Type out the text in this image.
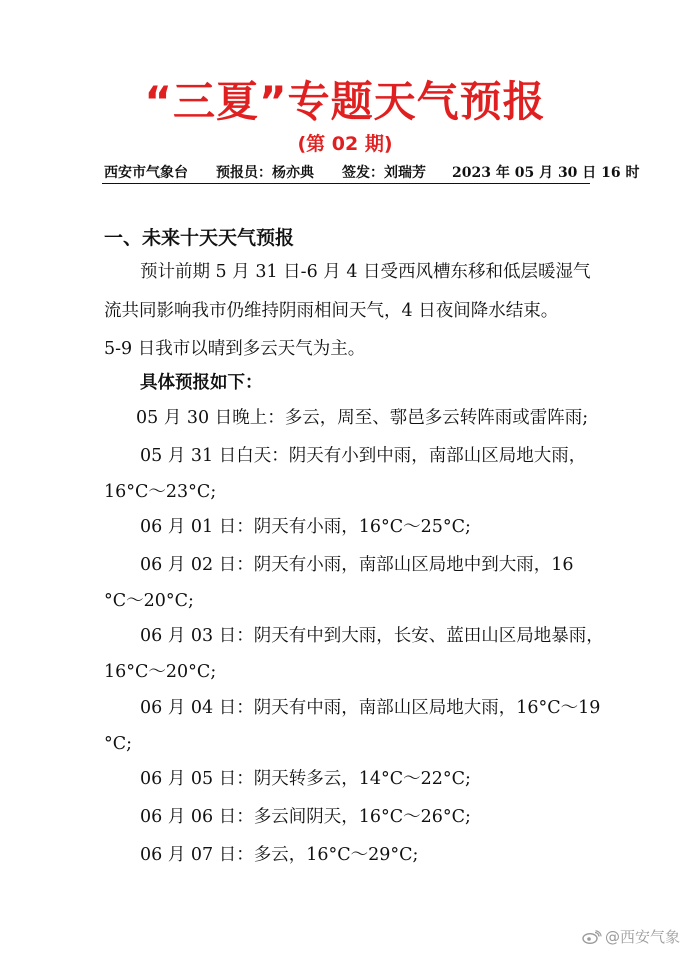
“三夏”专题天气预报
(第 02 期)
西安市气象台 预报员：杨亦典 签发：刘瑞芳 2023 年 05 月 30 日 16 时
一、未来十天天气预报
预计前期 5 月 31 日-6 月 4 日受西风槽东移和低层暖湿气
流共同影响我市仍维持阴雨相间天气，4 日夜间降水结束。
5-9 日我市以晴到多云天气为主。
具体预报如下：
05 月 30 日晚上：多云，周至、鄠邑多云转阵雨或雷阵雨;
05 月 31 日白天：阴天有小到中雨，南部山区局地大雨，
16°C～23°C;
06 月 01 日：阴天有小雨，16°C～25°C;
06 月 02 日：阴天有小雨，南部山区局地中到大雨，16
°C～20°C;
06 月 03 日：阴天有中到大雨，长安、蓝田山区局地暴雨，
16°C～20°C;
06 月 04 日：阴天有中雨，南部山区局地大雨，16°C～19
°C;
06 月 05 日：阴天转多云，14°C～22°C;
06 月 06 日：多云间阴天，16°C～26°C;
06 月 07 日：多云，16°C～29°C;
@西安气象
